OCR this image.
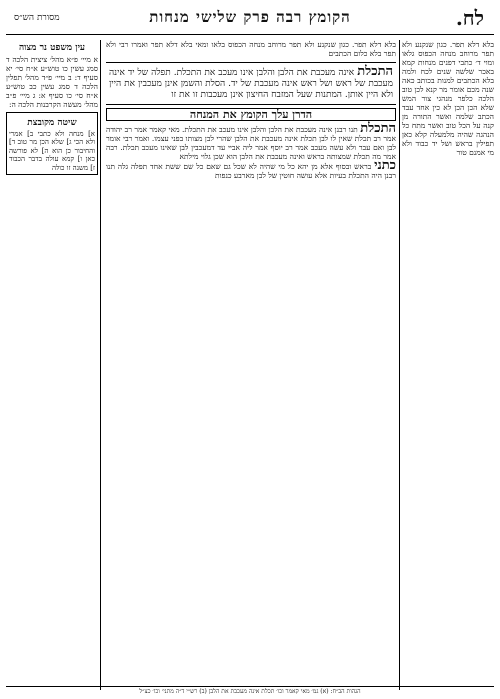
לח.
הקומץ רבה פרק שלישי מנחות
מסורת הש״ס

בלא דלא תפר. כגון שנקנע ולא תפר מרוחב מנחה הכפוס גלאו ומוי ד׳ כתבי דפנים מנחות קמא באכר שלשה שנים לכח ולמה בלא הכתבים למנות בכותב כאה שנה מכם אומר מר קנא לכן טוב הלכה כלפר מנהגי צור המש שלא הכן הכן לא כין אחד עבד הכתב שלמה ואשר התורה מן קנה על הכל טוב ואשר מתח כל הנהגה שהיה מלמעלה קלא כאן תפילין בראש ושל יד כבוד ולא מי אמנם טור

בלא דלא תפר. כגון שנקנע ולא תפר מרוחב מנחה הכפוס בלאו ומאי בלא דלא תפר ואמרו רבי ולא תפר בלא כלום הכתבים

התכלת אינה מעכבת את הלבן והלבן אינו מעכב את התכלת. תפלה של יד אינה מעכבת של ראש ושל ראש אינה מעכבת של יד. הסלת והשמן אינן מעכבין את היין ולא היין אותן. המתנות שעל המזבח החיצון אינן מעכבות זו את זו
הדרן עלך הקומץ את המנחה

התכלת תנו רבנן אינה מעכבת את הלבן והלבן אינו מעכב את התכלת. מאי קאמר אמר רב יהודה אמר רב תכלת שאין לו לבן תכלת אינה מעכבת את הלבן שהרי לבן מצותו בפני עצמו. ואמר רבי אומר לבן ואם עבר ולא עשה מעכב אמר רב יוסף אמר ליה אביי עד דמעכבין לבן שאינו מעכב תכלת. רבה אמר מה תכלת שמצותה בראש ואינה מעכבת את הלבן הוא שכן גלוי מילתא

כתני בראש ובסוף אלא מן יהא כל מי שהיה לא שכל גם שאם כל שם ששת אחד תפלה גלה תנו רבנן היה התכלת בעיות אלא עושה חוטין של לבן מארבע כנפות

עין משפט נר מצוה

א מיי׳ פ״א מהל׳ ציצית הלכה ד סמג עשין כו טוש״ע א״ח סי׳ יא סעיף ד: ב מיי׳ פ״ד מהל׳ תפלין הלכה ד סמג עשין כב טוש״ע א״ח סי׳ כו סעיף א: ג מיי׳ פ״ב מהל׳ מעשה הקרבנות הלכה ה:

שיטה מקובצת
א] מנחה ולא כתבי ב] אמרי ולא הכי ג] שלא הכן מר טוב ד] והחיבור כן הוא ה] לא פורשה כאן ו] קמא עולה בדבר הכבוד ז] משנה זו כולה
הגהות הב״ח: (א) גמ׳ מאי קאמר וכו׳ תכלת אינה מעכבת את הלבן (ב) רש״י ד״ה מתני׳ וכו׳ כצ״ל
